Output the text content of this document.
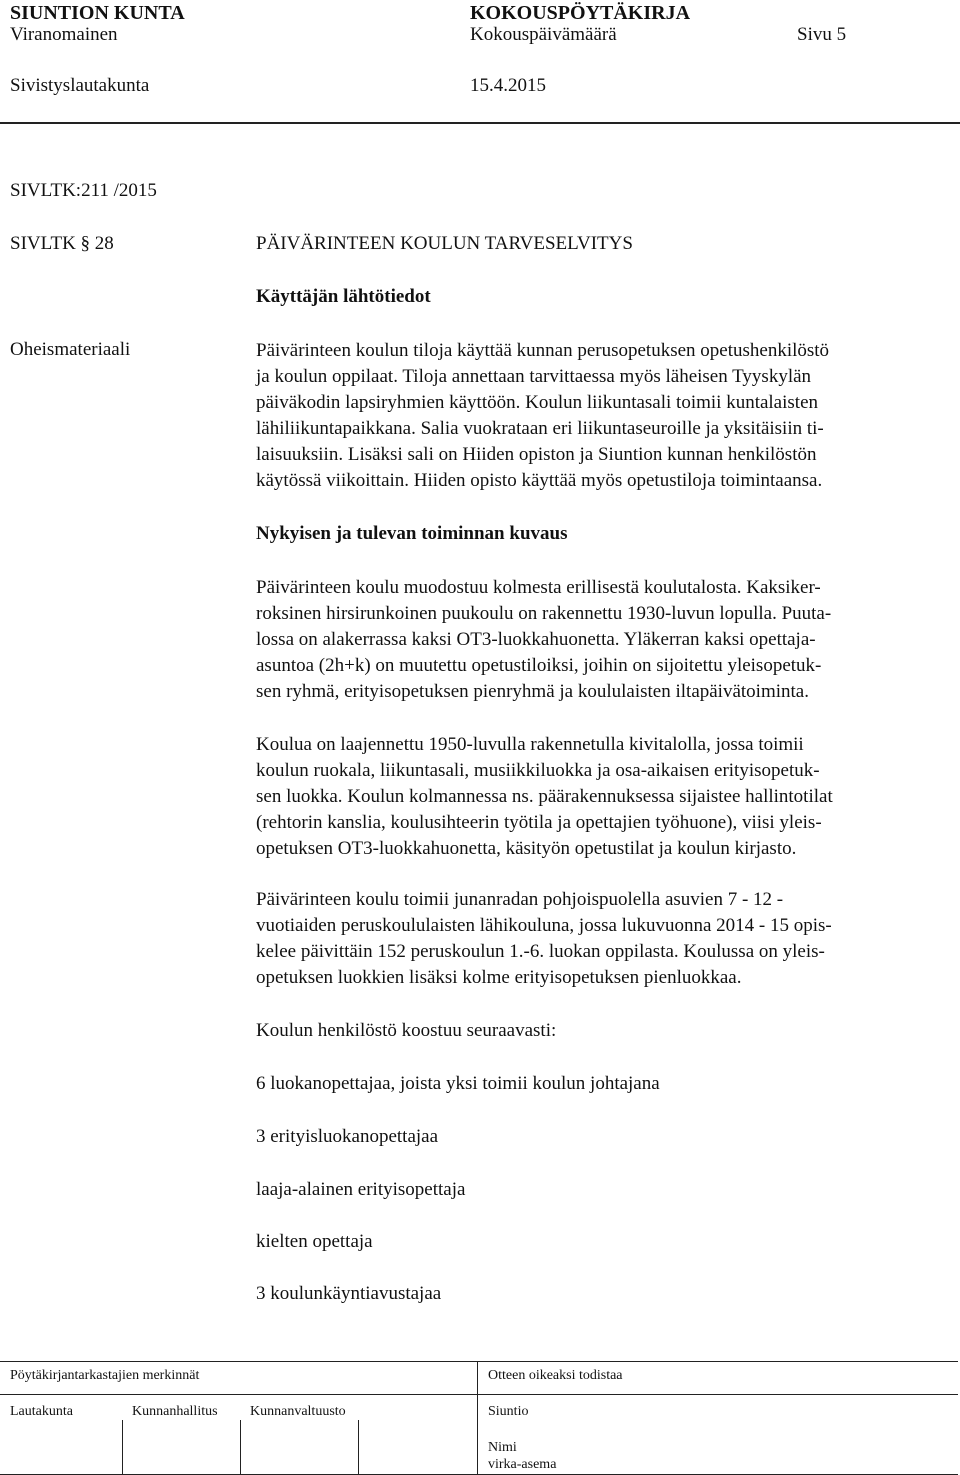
SIUNTION KUNTA	KOKOUSPÖYTÄKIRJA
Viranomainen	Kokouspäivämäärä	Sivu 5
Sivistyslautakunta	15.4.2015
SIVLTK:211 /2015
SIVLTK § 28	PÄIVÄRINTEEN KOULUN TARVESELVITYS
Käyttäjän lähtötiedot
Oheismateriaali	Päivärinteen koulun tiloja käyttää kunnan perusopetuksen opetushenkilöstö
ja koulun oppilaat. Tiloja annettaan tarvittaessa myös läheisen Tyyskylän
päiväkodin lapsiryhmien käyttöön. Koulun liikuntasali toimii kuntalaisten
lähiliikuntapaikkana. Salia vuokrataan eri liikuntaseuroille ja yksitäisiin ti-
laisuuksiin. Lisäksi sali on Hiiden opiston ja Siuntion kunnan henkilöstön
käytössä viikoittain. Hiiden opisto käyttää myös opetustiloja toimintaansa.
Nykyisen ja tulevan toiminnan kuvaus
Päivärinteen koulu muodostuu kolmesta erillisestä koulutalosta. Kaksiker-
roksinen hirsirunkoinen puukoulu on rakennettu 1930-luvun lopulla. Puuta-
lossa on alakerrassa kaksi OT3-luokkahuonetta. Yläkerran kaksi opettaja-
asuntoa (2h+k) on muutettu opetustiloiksi, joihin on sijoitettu yleisopetuk-
sen ryhmä, erityisopetuksen pienryhmä ja koululaisten iltapäivätoiminta.
Koulua on laajennettu 1950-luvulla rakennetulla kivitalolla, jossa toimii
koulun ruokala, liikuntasali, musiikkiluokka ja osa-aikaisen erityisopetuk-
sen luokka. Koulun kolmannessa ns. päärakennuksessa sijaistee hallintotilat
(rehtorin kanslia, koulusihteerin työtila ja opettajien työhuone), viisi yleis-
opetuksen OT3-luokkahuonetta, käsityön opetustilat ja koulun kirjasto.
Päivärinteen koulu toimii junanradan pohjoispuolella asuvien 7 - 12 -
vuotiaiden peruskoululaisten lähikouluna, jossa lukuvuonna 2014 - 15 opis-
kelee päivittäin 152 peruskoulun 1.-6. luokan oppilasta. Koulussa on yleis-
opetuksen luokkien lisäksi kolme erityisopetuksen pienluokkaa.
Koulun henkilöstö koostuu seuraavasti:
6 luokanopettajaa, joista yksi toimii koulun johtajana
3 erityisluokanopettajaa
laaja-alainen erityisopettaja
kielten opettaja
3 koulunkäyntiavustajaa
Pöytäkirjantarkastajien merkinnät	Otteen oikeaksi todistaa
Lautakunta	Kunnanhallitus Kunnanvaltuusto	Siuntio
Nimi
virka-asema
